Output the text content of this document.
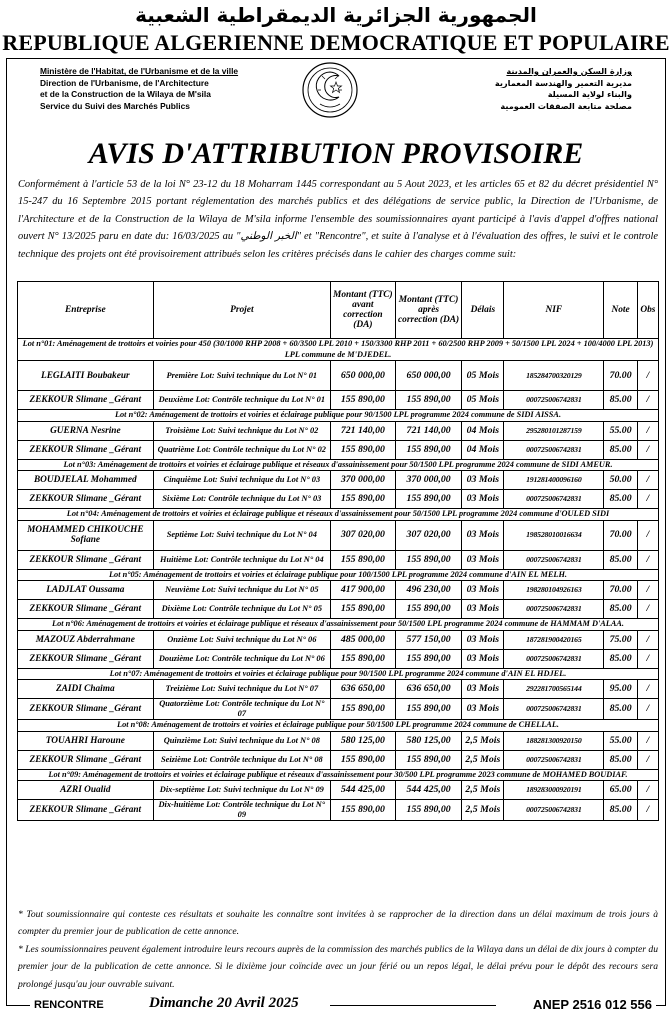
الجمهورية الجزائرية الديمقراطية الشعبية
REPUBLIQUE ALGERIENNE DEMOCRATIQUE ET POPULAIRE
Ministère de l'Habitat, de l'Urbanisme et de la ville
Direction de l'Urbanisme, de l'Architecture
et de la Construction de la Wilaya de M'sila
Service du Suivi des Marchés Publics
وزارة السكن والعمران والمدينة
مديرية التعمير والهندسة المعمارية
والبناء لولاية المسيلة
مصلحة متابعة الصفقات العمومية
AVIS D'ATTRIBUTION PROVISOIRE
Conformément à l'article 53 de la loi N° 23-12 du 18 Moharram 1445 correspondant au 5 Aout 2023, et les articles 65 et 82 du décret présidentiel N° 15-247 du 16 Septembre 2015 portant réglementation des marchés publics et des délégations de service public, la Direction de l'Urbanisme, de l'Architecture et de la Construction de la Wilaya de M'sila informe l'ensemble des soumissionnaires ayant participé à l'avis d'appel d'offres national ouvert N° 13/2025 paru en date du: 16/03/2025 au "الخبر الوطني" et "Rencontre", et suite à l'analyse et à l'évaluation des offres, le suivi et le controle technique des projets ont été provisoirement attribués selon les critères précisés dans le cahier des charges comme suit:
Entreprise	Projet	Montant (TTC) avant correction (DA)	Montant (TTC) après correction (DA)	Délais	NIF	Note	Obs
Lot n°01: Aménagement de trottoirs et voiries pour 450 (30/1000 RHP 2008 + 60/3500 LPL 2010 + 150/3300 RHP 2011 + 60/2500 RHP 2009 + 50/1500 LPL 2024 + 100/4000 LPL 2013) LPL commune de M'DJEDEL.							
LEGLAITI Boubakeur	Première Lot: Suivi technique du Lot N° 01	650 000,00	650 000,00	05 Mois	185284700320129	70.00	/
ZEKKOUR Slimane _Gérant	Deuxième Lot: Contrôle technique du Lot N° 01	155 890,00	155 890,00	05 Mois	000725006742831	85.00	/
Lot n°02: Aménagement de trottoirs et voiries et éclairage publique pour 90/1500 LPL programme 2024 commune de SIDI AISSA.							
GUERNA Nesrine	Troisième Lot: Suivi technique du Lot N° 02	721 140,00	721 140,00	04 Mois	295280101287159	55.00	/
ZEKKOUR Slimane _Gérant	Quatrième Lot: Contrôle technique du Lot N° 02	155 890,00	155 890,00	04 Mois	000725006742831	85.00	/
Lot n°03: Aménagement de trottoirs et voiries et éclairage publique et réseaux d'assainissement pour 50/1500 LPL programme 2024 commune de SIDI AMEUR.							
BOUDJELAL Mohammed	Cinquième Lot: Suivi technique du Lot N° 03	370 000,00	370 000,00	03 Mois	191281400096160	50.00	/
ZEKKOUR Slimane _Gérant	Sixième Lot: Contrôle technique du Lot N° 03	155 890,00	155 890,00	03 Mois	000725006742831	85.00	/
Lot n°04: Aménagement de trottoirs et voiries et éclairage publique et réseaux d'assainissement pour 50/1500 LPL programme 2024 commune d'OULED SIDI							
MOHAMMED CHIKOUCHE Sofiane	Septième Lot: Suivi technique du Lot N° 04	307 020,00	307 020,00	03 Mois	198528010016634	70.00	/
ZEKKOUR Slimane _Gérant	Huitième Lot: Contrôle technique du Lot N° 04	155 890,00	155 890,00	03 Mois	000725006742831	85.00	/
Lot n°05: Aménagement de trottoirs et voiries et éclairage publique pour 100/1500 LPL programme 2024 commune d'AIN EL MELH.							
LADJLAT Oussama	Neuvième Lot: Suivi technique du Lot N° 05	417 900,00	496 230,00	03 Mois	198280104926163	70.00	/
ZEKKOUR Slimane _Gérant	Dixième Lot: Contrôle technique du Lot N° 05	155 890,00	155 890,00	03 Mois	000725006742831	85.00	/
Lot n°06: Aménagement de trottoirs et voiries et éclairage publique et réseaux d'assainissement pour 50/1500 LPL programme 2024 commune de HAMMAM D'ALAA.							
MAZOUZ Abderrahmane	Onzième Lot: Suivi technique du Lot N° 06	485 000,00	577 150,00	03 Mois	187281900420165	75.00	/
ZEKKOUR Slimane _Gérant	Douzième Lot: Contrôle technique du Lot N° 06	155 890,00	155 890,00	03 Mois	000725006742831	85.00	/
Lot n°07: Aménagement de trottoirs et voiries et éclairage publique pour 90/1500 LPL programme 2024 commune d'AIN EL HDJEL.							
ZAIDI Chaima	Treizième Lot: Suivi technique du Lot N° 07	636 650,00	636 650,00	03 Mois	292281700565144	95.00	/
ZEKKOUR Slimane _Gérant	Quatorzième Lot: Contrôle technique du Lot N° 07	155 890,00	155 890,00	03 Mois	000725006742831	85.00	/
Lot n°08: Aménagement de trottoirs et voiries et éclairage publique pour 50/1500 LPL programme 2024 commune de CHELLAL.							
TOUAHRI Haroune	Quinzième Lot: Suivi technique du Lot N° 08	580 125,00	580 125,00	2,5 Mois	188281300920150	55.00	/
ZEKKOUR Slimane _Gérant	Seizième Lot: Contrôle technique du Lot N° 08	155 890,00	155 890,00	2,5 Mois	000725006742831	85.00	/
Lot n°09: Aménagement de trottoirs et voiries et éclairage publique et réseaux d'assainissement pour 30/500 LPL programme 2023 commune de MOHAMED BOUDIAF.							
AZRI Oualid	Dix-septième Lot: Suivi technique du Lot N° 09	544 425,00	544 425,00	2,5 Mois	189283000920191	65.00	/
ZEKKOUR Slimane _Gérant	Dix-huitième Lot: Contrôle technique du Lot N° 09	155 890,00	155 890,00	2,5 Mois	000725006742831	85.00	/
* Tout soumissionnaire qui conteste ces résultats et souhaite les connaître sont invitées à se rapprocher de la direction dans un délai maximum de trois jours à compter du premier jour de publication de cette annonce.
* Les soumissionnaires peuvent également introduire leurs recours auprès de la commission des marchés publics de la Wilaya dans un délai de dix jours à compter du premier jour de la publication de cette annonce. Si le dixième jour coïncide avec un jour férié ou un repos légal, le délai prévu pour le dépôt des recours sera prolongé jusqu'au jour ouvrable suivant.
RENCONTRE	Dimanche 20 Avril 2025	ANEP 2516 012 556
